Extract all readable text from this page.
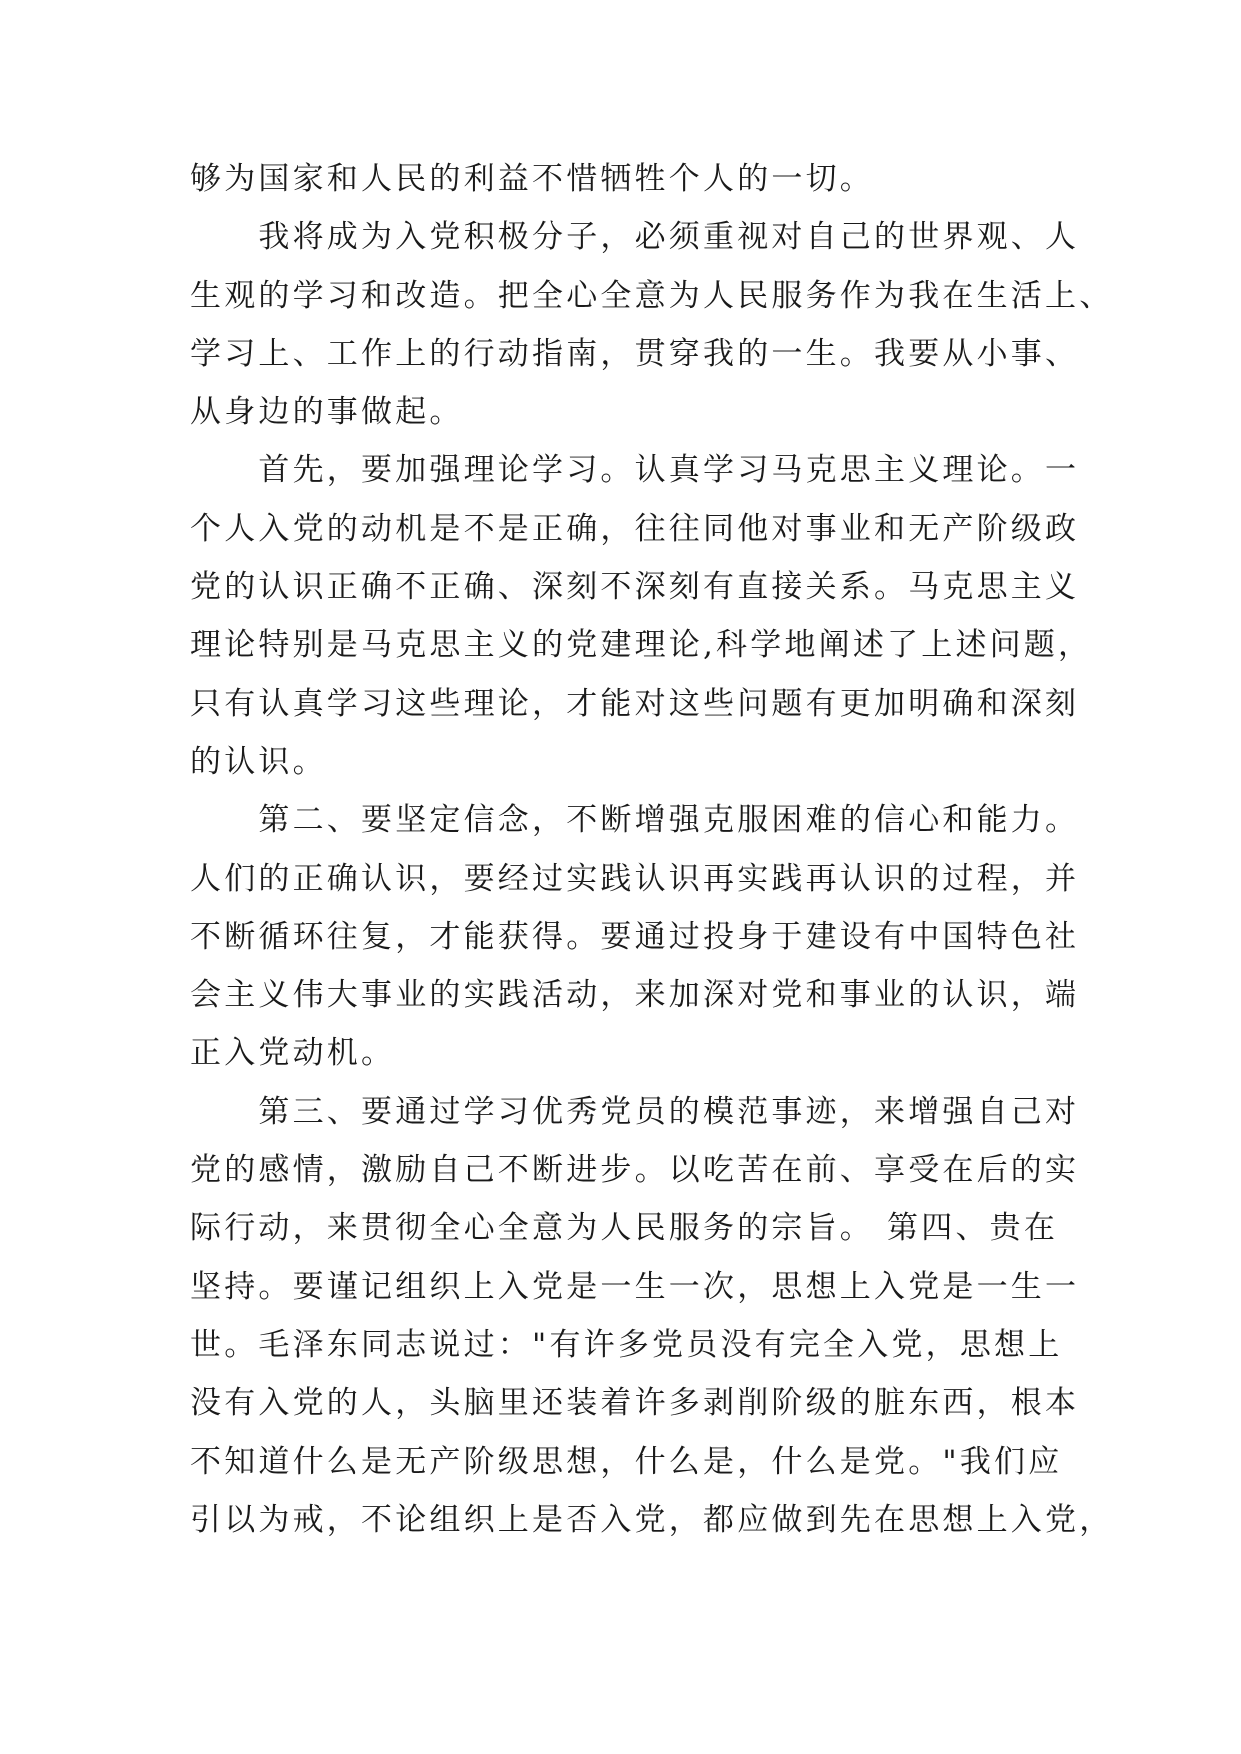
够为国家和人民的利益不惜牺牲个人的一切。
　　我将成为入党积极分子，必须重视对自己的世界观、人
生观的学习和改造。把全心全意为人民服务作为我在生活上、
学习上、工作上的行动指南，贯穿我的一生。我要从小事、
从身边的事做起。
　　首先，要加强理论学习。认真学习马克思主义理论。一
个人入党的动机是不是正确，往往同他对事业和无产阶级政
党的认识正确不正确、深刻不深刻有直接关系。马克思主义
理论特别是马克思主义的党建理论,科学地阐述了上述问题，
只有认真学习这些理论，才能对这些问题有更加明确和深刻
的认识。
　　第二、要坚定信念，不断增强克服困难的信心和能力。
人们的正确认识，要经过实践认识再实践再认识的过程，并
不断循环往复，才能获得。要通过投身于建设有中国特色社
会主义伟大事业的实践活动，来加深对党和事业的认识，端
正入党动机。
　　第三、要通过学习优秀党员的模范事迹，来增强自己对
党的感情，激励自己不断进步。以吃苦在前、享受在后的实
际行动，来贯彻全心全意为人民服务的宗旨。 第四、贵在
坚持。要谨记组织上入党是一生一次，思想上入党是一生一
世。毛泽东同志说过："有许多党员没有完全入党，思想上
没有入党的人，头脑里还装着许多剥削阶级的脏东西，根本
不知道什么是无产阶级思想，什么是，什么是党。"我们应
引以为戒，不论组织上是否入党，都应做到先在思想上入党，
